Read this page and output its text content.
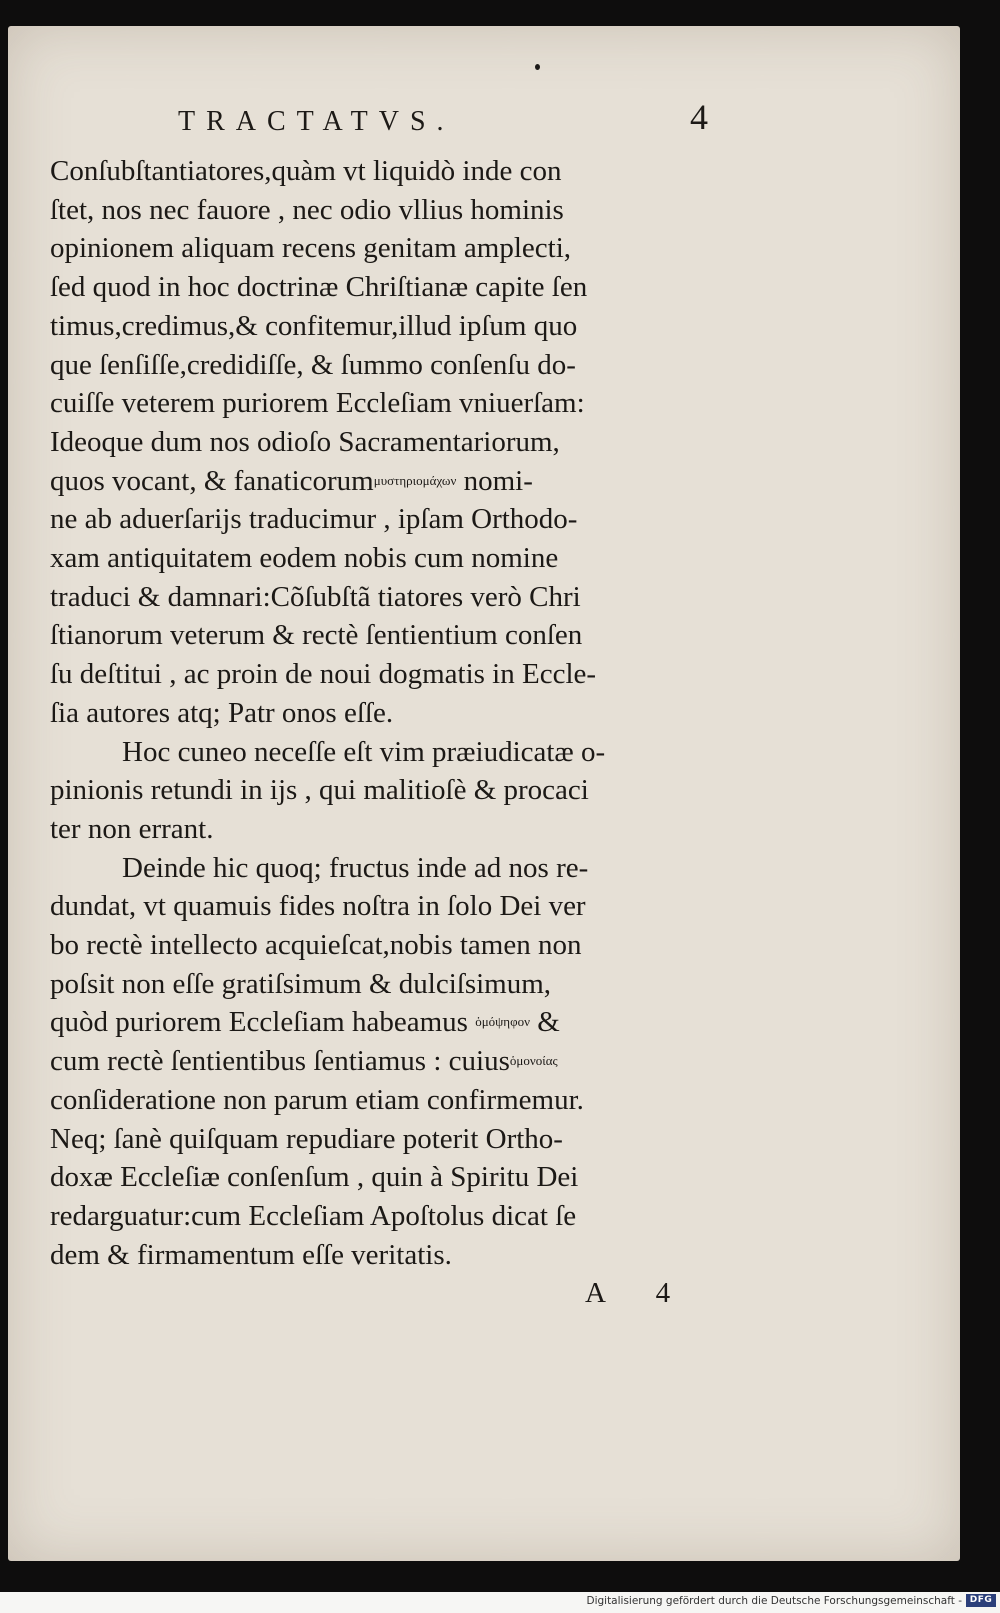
TRACTATVS.	4
Conſubſtantiatores,quàm vt liquidò inde con
ſtet, nos nec fauore , nec odio vllius hominis
opinionem aliquam recens genitam amplecti,
ſed quod in hoc doctrinæ Chriſtianæ capite ſen
timus,credimus,& confitemur,illud ipſum quo
que ſenſiſſe,credidiſſe, & ſummo conſenſu do-
cuiſſe veterem puriorem Eccleſiam vniuerſam:
Ideoque dum nos odioſo Sacramentariorum,
quos vocant, & fanaticorumμυστηριομάχων nomi-
ne ab aduerſarijs traducimur , ipſam Orthodo-
xam antiquitatem eodem nobis cum nomine
traduci & damnari:Cõſubſtã tiatores verò Chri
ſtianorum veterum & rectè ſentientium conſen
ſu deſtitui , ac proin de noui dogmatis in Eccle-
ſia autores atq; Patr onos eſſe.
Hoc cuneo neceſſe eſt vim præiudicatæ o-
pinionis retundi in ijs , qui malitioſè & procaci
ter non errant.
Deinde hic quoq; fructus inde ad nos re-
dundat, vt quamuis fides noſtra in ſolo Dei ver
bo rectè intellecto acquieſcat,nobis tamen non
poſsit non eſſe gratiſsimum & dulciſsimum,
quòd puriorem Eccleſiam habeamus ὁμόψηφον &
cum rectè ſentientibus ſentiamus : cuiusὁμονοίας
conſideratione non parum etiam confirmemur.
Neq; ſanè quiſquam repudiare poterit Ortho-
doxæ Eccleſiæ conſenſum , quin à Spiritu Dei
redarguatur:cum Eccleſiam Apoſtolus dicat ſe
dem & firmamentum eſſe veritatis.
A 4
Digitalisierung gefördert durch die Deutsche Forschungsgemeinschaft - DFG
